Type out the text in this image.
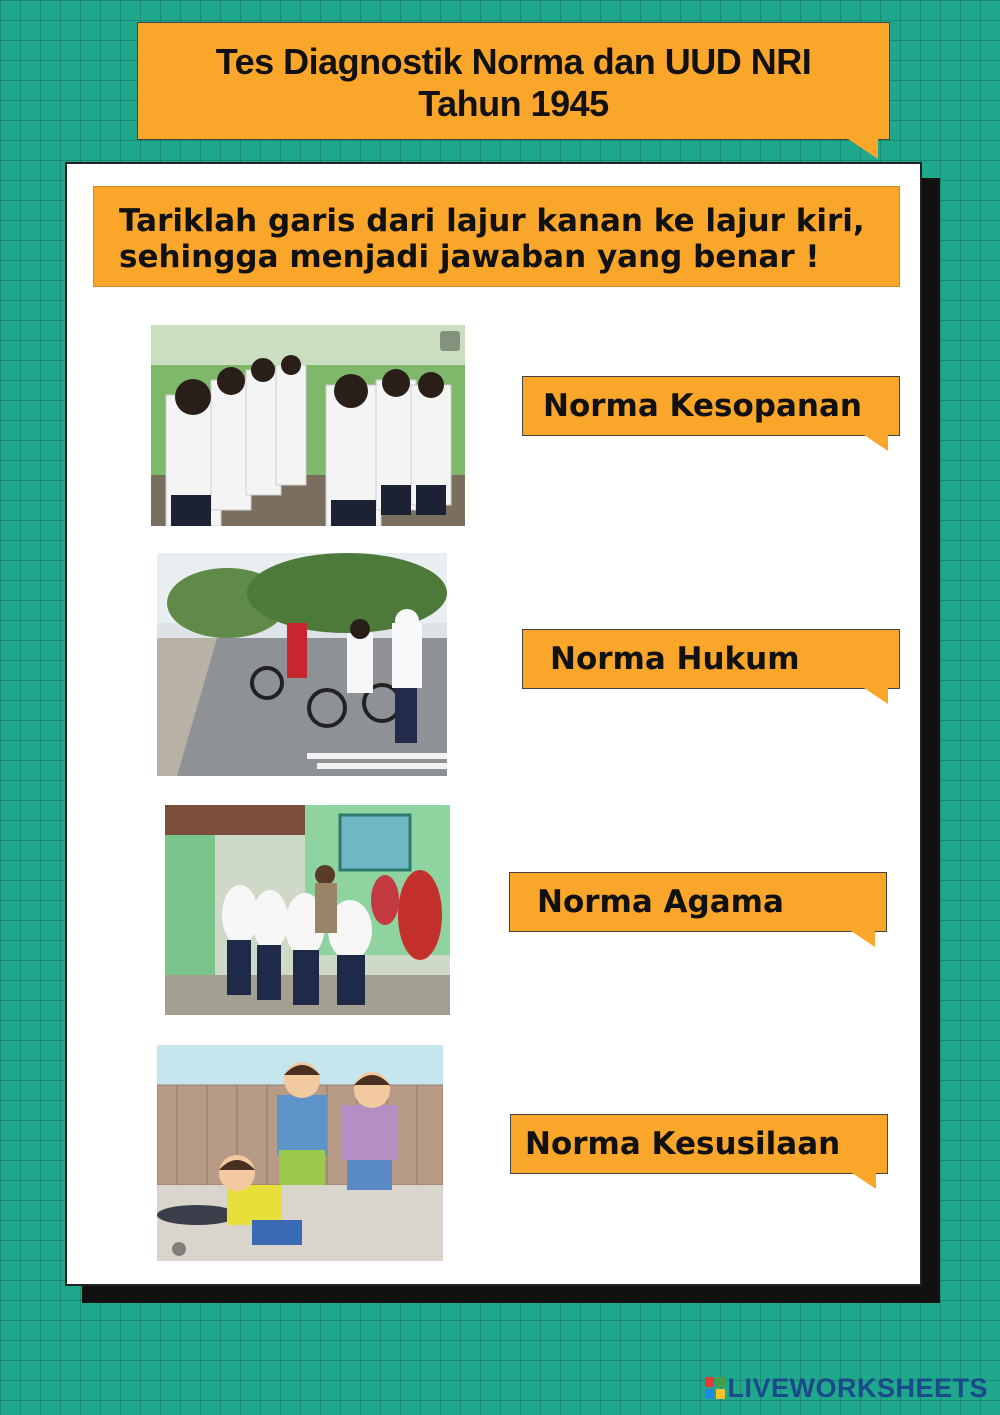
Tes Diagnostik Norma dan UUD NRI
Tahun 1945
Tariklah garis dari lajur kanan ke lajur kiri,
sehingga menjadi jawaban yang benar !
Norma Kesopanan
Norma Hukum
Norma Agama
Norma Kesusilaan
LIVEWORKSHEETS
